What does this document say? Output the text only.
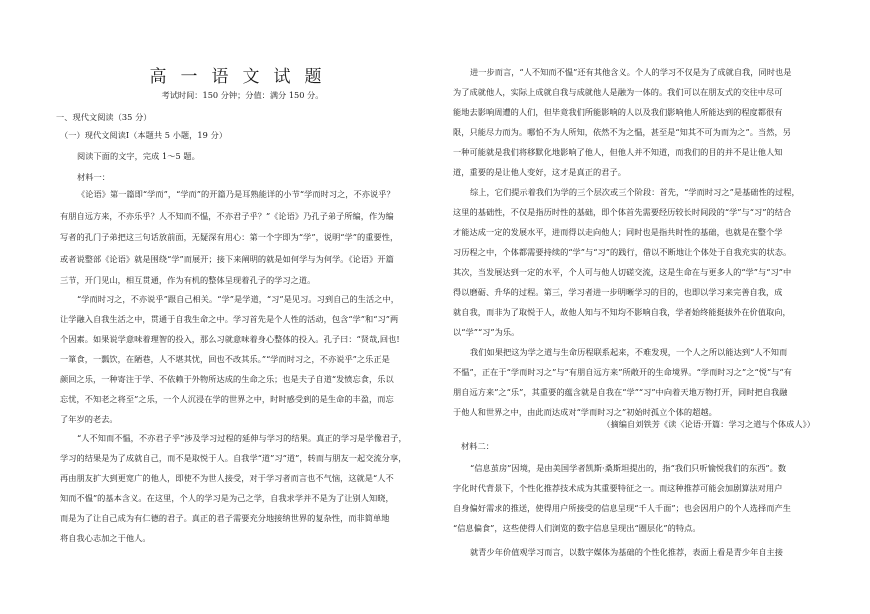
高一语文试题
考试时间：150 分钟；分值：满分 150 分。
一、现代文阅读（35 分）
（一）现代文阅读Ⅰ（本题共 5 小题，19 分）
阅读下面的文字，完成 1～5 题。
材料一：
《论语》第一篇即“学而”，“学而”的开篇乃是耳熟能详的小节“学而时习之，不亦说乎？
有朋自远方来，不亦乐乎？人不知而不愠，不亦君子乎？”《论语》乃孔子弟子所编，作为编
写者的孔门子弟把这三句话放前面，无疑深有用心：第一个字即为“学”，说明“学”的重要性，
或者说整部《论语》就是围绕“学”而展开；接下来阐明的就是如何学与为何学。《论语》开篇
三节，开门见山，相互贯通，作为有机的整体呈现着孔子的学习之道。
“学而时习之，不亦说乎”跟自己相关。“学”是学道，“习”是见习。习到自己的生活之中，
让学融入自我生活之中，贯通于自我生命之中。学习首先是个人性的活动，包含“学”和“习”两
个因素。如果说学意味着理智的投入，那么习就意味着身心整体的投入。孔子曰：“贤哉,回也!
一箪食，一瓢饮，在陋巷，人不堪其忧，回也不改其乐。”“学而时习之，不亦说乎”之乐正是
颜回之乐，一种寄注于学、不依赖于外物所达成的生命之乐；也是夫子自道“发愤忘食，乐以
忘忧，不知老之将至”之乐，一个人沉浸在学的世界之中，时时感受到的是生命的丰盈，而忘
了年岁的老去。
“人不知而不愠，不亦君子乎”涉及学习过程的延伸与学习的结果。真正的学习是学像君子，
学习的结果是为了成就自己，而不是取悦于人。自我学“道”习“道”，转而与朋友一起交流分享，
再由朋友扩大到更宽广的他人，即使不为世人接受，对于学习者而言也不气恼，这就是“人不
知而不愠”的基本含义。在这里，个人的学习是为己之学，自我求学并不是为了让别人知晓，
而是为了让自己成为有仁德的君子。真正的君子需要充分地接纳世界的复杂性，而非简单地
将自我心志加之于他人。
进一步而言，“人不知而不愠”还有其他含义。个人的学习不仅是为了成就自我，同时也是
为了成就他人，实际上成就自我与成就他人是融为一体的。我们可以在朋友式的交往中尽可
能地去影响周遭的人们，但毕竟我们所能影响的人以及我们影响他人所能达到的程度都很有
限，只能尽力而为。哪怕不为人所知，依然不为之愠，甚至是“知其不可为而为之”。当然，另
一种可能就是我们将移默化地影响了他人，但他人并不知道，而我们的目的并不是让他人知
道，重要的是让他人变好，这才是真正的君子。
综上，它们提示着我们为学的三个层次或三个阶段：首先，“学而时习之”是基础性的过程，
这里的基础性，不仅是指历时性的基础，即个体首先需要经历较长时间段的“学”与“习”的结合
才能达成一定的发展水平，进而得以走向他人；同时也是指共时性的基础，也就是在整个学
习历程之中，个体都需要持续的“学”与“习”的践行，借以不断地让个体处于自我充实的状态。
其次，当发展达到一定的水平，个人可与他人切磋交流，这是生命在与更多人的“学”与“习”中
得以磨砺、升华的过程。第三，学习者进一步明晰学习的目的，也即以学习来完善自我，成
就自我，而非为了取悦于人，故他人知与不知均不影响自我，学者始终能挺拔外在价值取向，
以“学”“习”为乐。
我们如果把这为学之道与生命历程联系起来，不难发现，一个人之所以能达到“人不知而
不愠”，正在于“学而时习之”与“有朋自远方来”所敞开的生命境界。“学而时习之”之“悦”与“有
朋自远方来”之“乐”，其重要的蕴含就是自我在“学”“习”中向着天地万物打开，同时把自我融
于他人和世界之中，由此而达成对“学而时习之”初始时孤立个体的超越。
（摘编自刘铁芳《读〈论语·开篇：学习之道与个体成人》）
材料二：
“信息茧房”因境，是由美国学者凯斯·桑斯坦提出的，指“我们只听愉悦我们的东西”。数
字化时代背景下，个性化推荐技术成为其重要特征之一。而这种推荐可能会加剧算法对用户
自身偏好需求的推送，使得用户所接受的信息呈现“千人千面”；也会因用户的个人选择而产生
“信息偏食”，这些使得人们浏览的数字信息呈现出“圈层化”的特点。
就青少年价值观学习而言，以数字媒体为基础的个性化推荐，表面上看是青少年自主接
